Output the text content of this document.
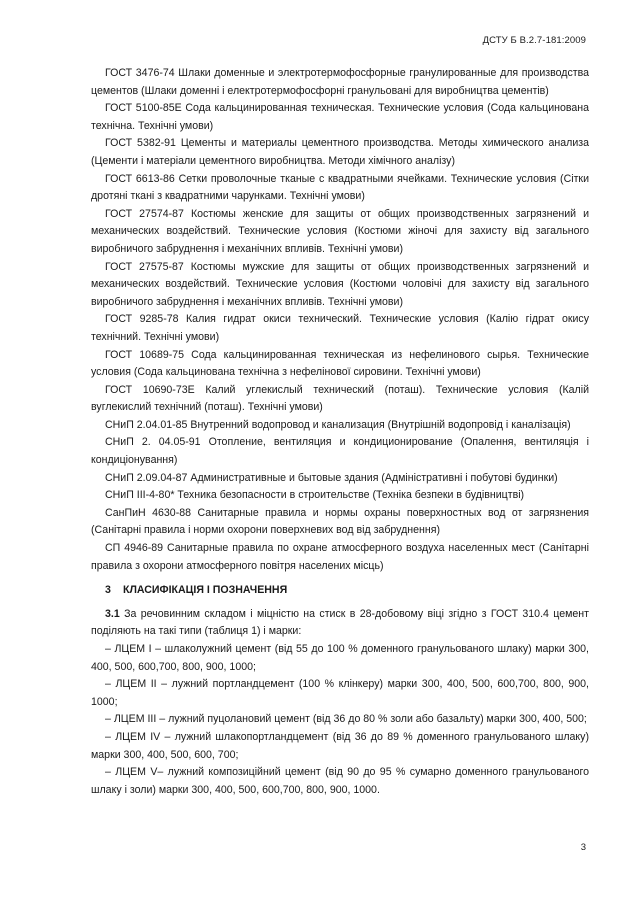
ДСТУ Б В.2.7-181:2009

ГОСТ 3476-74 Шлаки доменные и электротермофосфорные гранулированные для производства цементов (Шлаки доменні і електротермофосфорні гранульовані для виробництва цементів)

ГОСТ 5100-85Е Сода кальцинированная техническая. Технические условия (Сода кальцинована технічна. Технічні умови)

ГОСТ 5382-91 Цементы и материалы цементного производства. Методы химического анализа (Цементи і матеріали цементного виробництва. Методи хімічного аналізу)

ГОСТ 6613-86 Сетки проволочные тканые с квадратными ячейками. Технические условия (Сітки дротяні ткані з квадратними чарунками. Технічні умови)

ГОСТ 27574-87 Костюмы женские для защиты от общих производственных загрязнений и механических воздействий. Технические условия (Костюми жіночі для захисту від загального виробничого забруднення і механічних впливів. Технічні умови)

ГОСТ 27575-87 Костюмы мужские для защиты от общих производственных загрязнений и механических воздействий. Технические условия (Костюми чоловічі для захисту від загального виробничого забруднення і механічних впливів. Технічні умови)

ГОСТ 9285-78 Калия гидрат окиси технический. Технические условия (Калію гідрат окису технічний. Технічні умови)

ГОСТ 10689-75 Сода кальцинированная техническая из нефелинового сырья. Технические условия (Сода кальцинована технічна з нефелінової сировини. Технічні умови)

ГОСТ 10690-73Е Калий углекислый технический (поташ). Технические условия (Калій вуглекислий технічний (поташ). Технічні умови)

СНиП 2.04.01-85 Внутренний водопровод и канализация (Внутрішній водопровід і каналізація)

СНиП 2. 04.05-91 Отопление, вентиляция и кондиционирование (Опалення, вентиляція і кондиціонування)

СНиП 2.09.04-87 Административные и бытовые здания (Адміністративні і побутові будинки)

СНиП III-4-80* Техника безопасности в строительстве (Техніка безпеки в будівництві)

СанПиН 4630-88 Санитарные правила и нормы охраны поверхностных вод от загрязнения (Санітарні правила і норми охорони поверхневих вод від забруднення)

СП 4946-89 Санитарные правила по охране атмосферного воздуха населенных мест (Санітарні правила з охорони атмосферного повітря населених місць)

3 КЛАСИФІКАЦІЯ І ПОЗНАЧЕННЯ

3.1 За речовинним складом і міцністю на стиск в 28-добовому віці згідно з ГОСТ 310.4 цемент поділяють на такі типи (таблиця 1) і марки:

– ЛЦЕМ I – шлаколужний цемент (від 55 до 100 % доменного гранульованого шлаку) марки 300, 400, 500, 600,700, 800, 900, 1000;

– ЛЦЕМ II – лужний портландцемент (100 % клінкеру) марки 300, 400, 500, 600,700, 800, 900, 1000;

– ЛЦЕМ III – лужний пуцолановий цемент (від 36 до 80 % золи або базальту) марки 300, 400, 500;

– ЛЦЕМ IV – лужний шлакопортландцемент (від 36 до 89 % доменного гранульованого шлаку) марки 300, 400, 500, 600, 700;

– ЛЦЕМ V– лужний композиційний цемент (від 90 до 95 % сумарно доменного гранульованого шлаку і золи) марки 300, 400, 500, 600,700, 800, 900, 1000.

3
